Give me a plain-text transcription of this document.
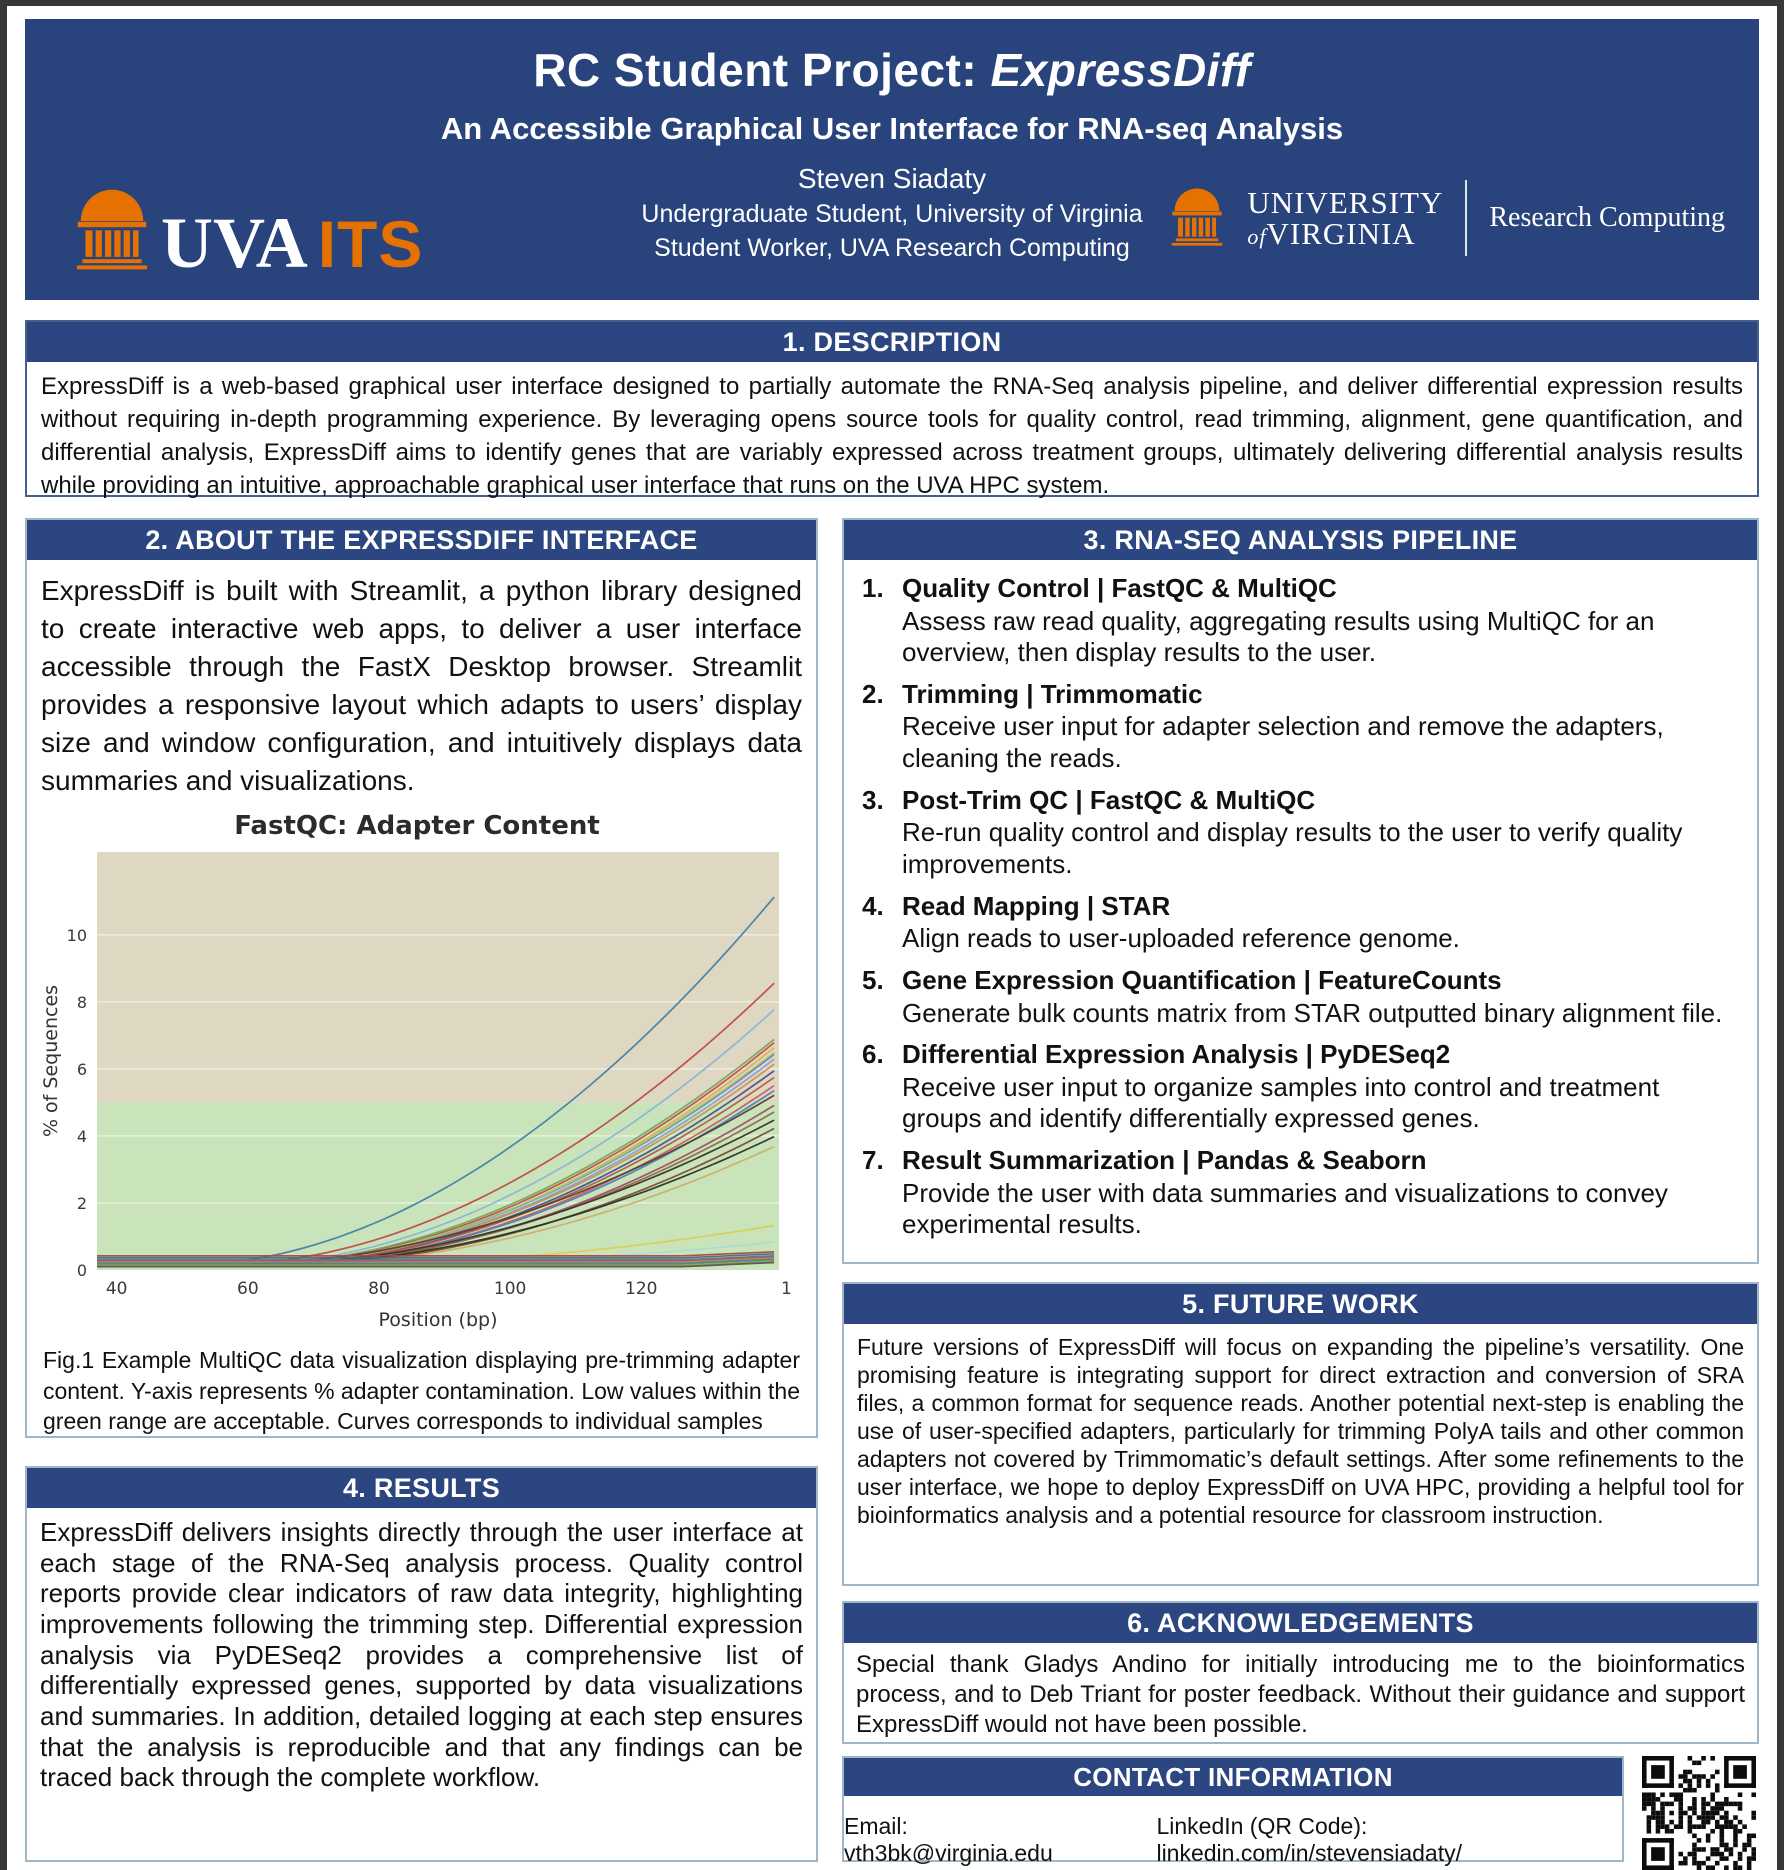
RC Student Project: ExpressDiff
An Accessible Graphical User Interface for RNA-seq Analysis
Steven Siadaty
Undergraduate Student, University of Virginia
Student Worker, UVA Research Computing
UVA ITS
UNIVERSITY
ofVIRGINIA	Research Computing
1. DESCRIPTION

ExpressDiff is a web-based graphical user interface designed to partially automate the RNA-Seq analysis pipeline, and deliver differential expression results without requiring in-depth programming experience. By leveraging opens source tools for quality control, read trimming, alignment, gene quantification, and differential analysis, ExpressDiff aims to identify genes that are variably expressed across treatment groups, ultimately delivering differential analysis results while providing an intuitive, approachable graphical user interface that runs on the UVA HPC system.

2. ABOUT THE EXPRESSDIFF INTERFACE

ExpressDiff is built with Streamlit, a python library designed to create interactive web apps, to deliver a user interface accessible through the FastX Desktop browser. Streamlit provides a responsive layout which adapts to users’ display size and window configuration, and intuitively displays data summaries and visualizations.

FastQC: Adapter Content
0
2
4
6
8
10
40	60	80	100	120	1
Position (bp)
% of Sequences

Fig.1 Example MultiQC data visualization displaying pre-trimming adapter content. Y-axis represents % adapter contamination. Low values within the green range are acceptable. Curves corresponds to individual samples

4. RESULTS

ExpressDiff delivers insights directly through the user interface at each stage of the RNA-Seq analysis process. Quality control reports provide clear indicators of raw data integrity, highlighting improvements following the trimming step. Differential expression analysis via PyDESeq2 provides a comprehensive list of differentially expressed genes, supported by data visualizations and summaries. In addition, detailed logging at each step ensures that the analysis is reproducible and that any findings can be traced back through the complete workflow.

3. RNA-SEQ ANALYSIS PIPELINE
1. Quality Control | FastQC & MultiQC
Assess raw read quality, aggregating results using MultiQC for an overview, then display results to the user.
2. Trimming | Trimmomatic
Receive user input for adapter selection and remove the adapters, cleaning the reads.
3. Post-Trim QC | FastQC & MultiQC
Re-run quality control and display results to the user to verify quality improvements.
4. Read Mapping | STAR
Align reads to user-uploaded reference genome.
5. Gene Expression Quantification | FeatureCounts
Generate bulk counts matrix from STAR outputted binary alignment file.
6. Differential Expression Analysis | PyDESeq2
Receive user input to organize samples into control and treatment groups and identify differentially expressed genes.
7. Result Summarization | Pandas & Seaborn
Provide the user with data summaries and visualizations to convey experimental results.
5. FUTURE WORK

Future versions of ExpressDiff will focus on expanding the pipeline’s versatility. One promising feature is integrating support for direct extraction and conversion of SRA files, a common format for sequence reads. Another potential next-step is enabling the use of user-specified adapters, particularly for trimming PolyA tails and other common adapters not covered by Trimmomatic’s default settings. After some refinements to the user interface, we hope to deploy ExpressDiff on UVA HPC, providing a helpful tool for bioinformatics analysis and a potential resource for classroom instruction.

6. ACKNOWLEDGEMENTS

Special thank Gladys Andino for initially introducing me to the bioinformatics process, and to Deb Triant for poster feedback. Without their guidance and support ExpressDiff would not have been possible.

CONTACT INFORMATION
Email: vth3bk@virginia.edu
LinkedIn (QR Code): linkedin.com/in/stevensiadaty/
